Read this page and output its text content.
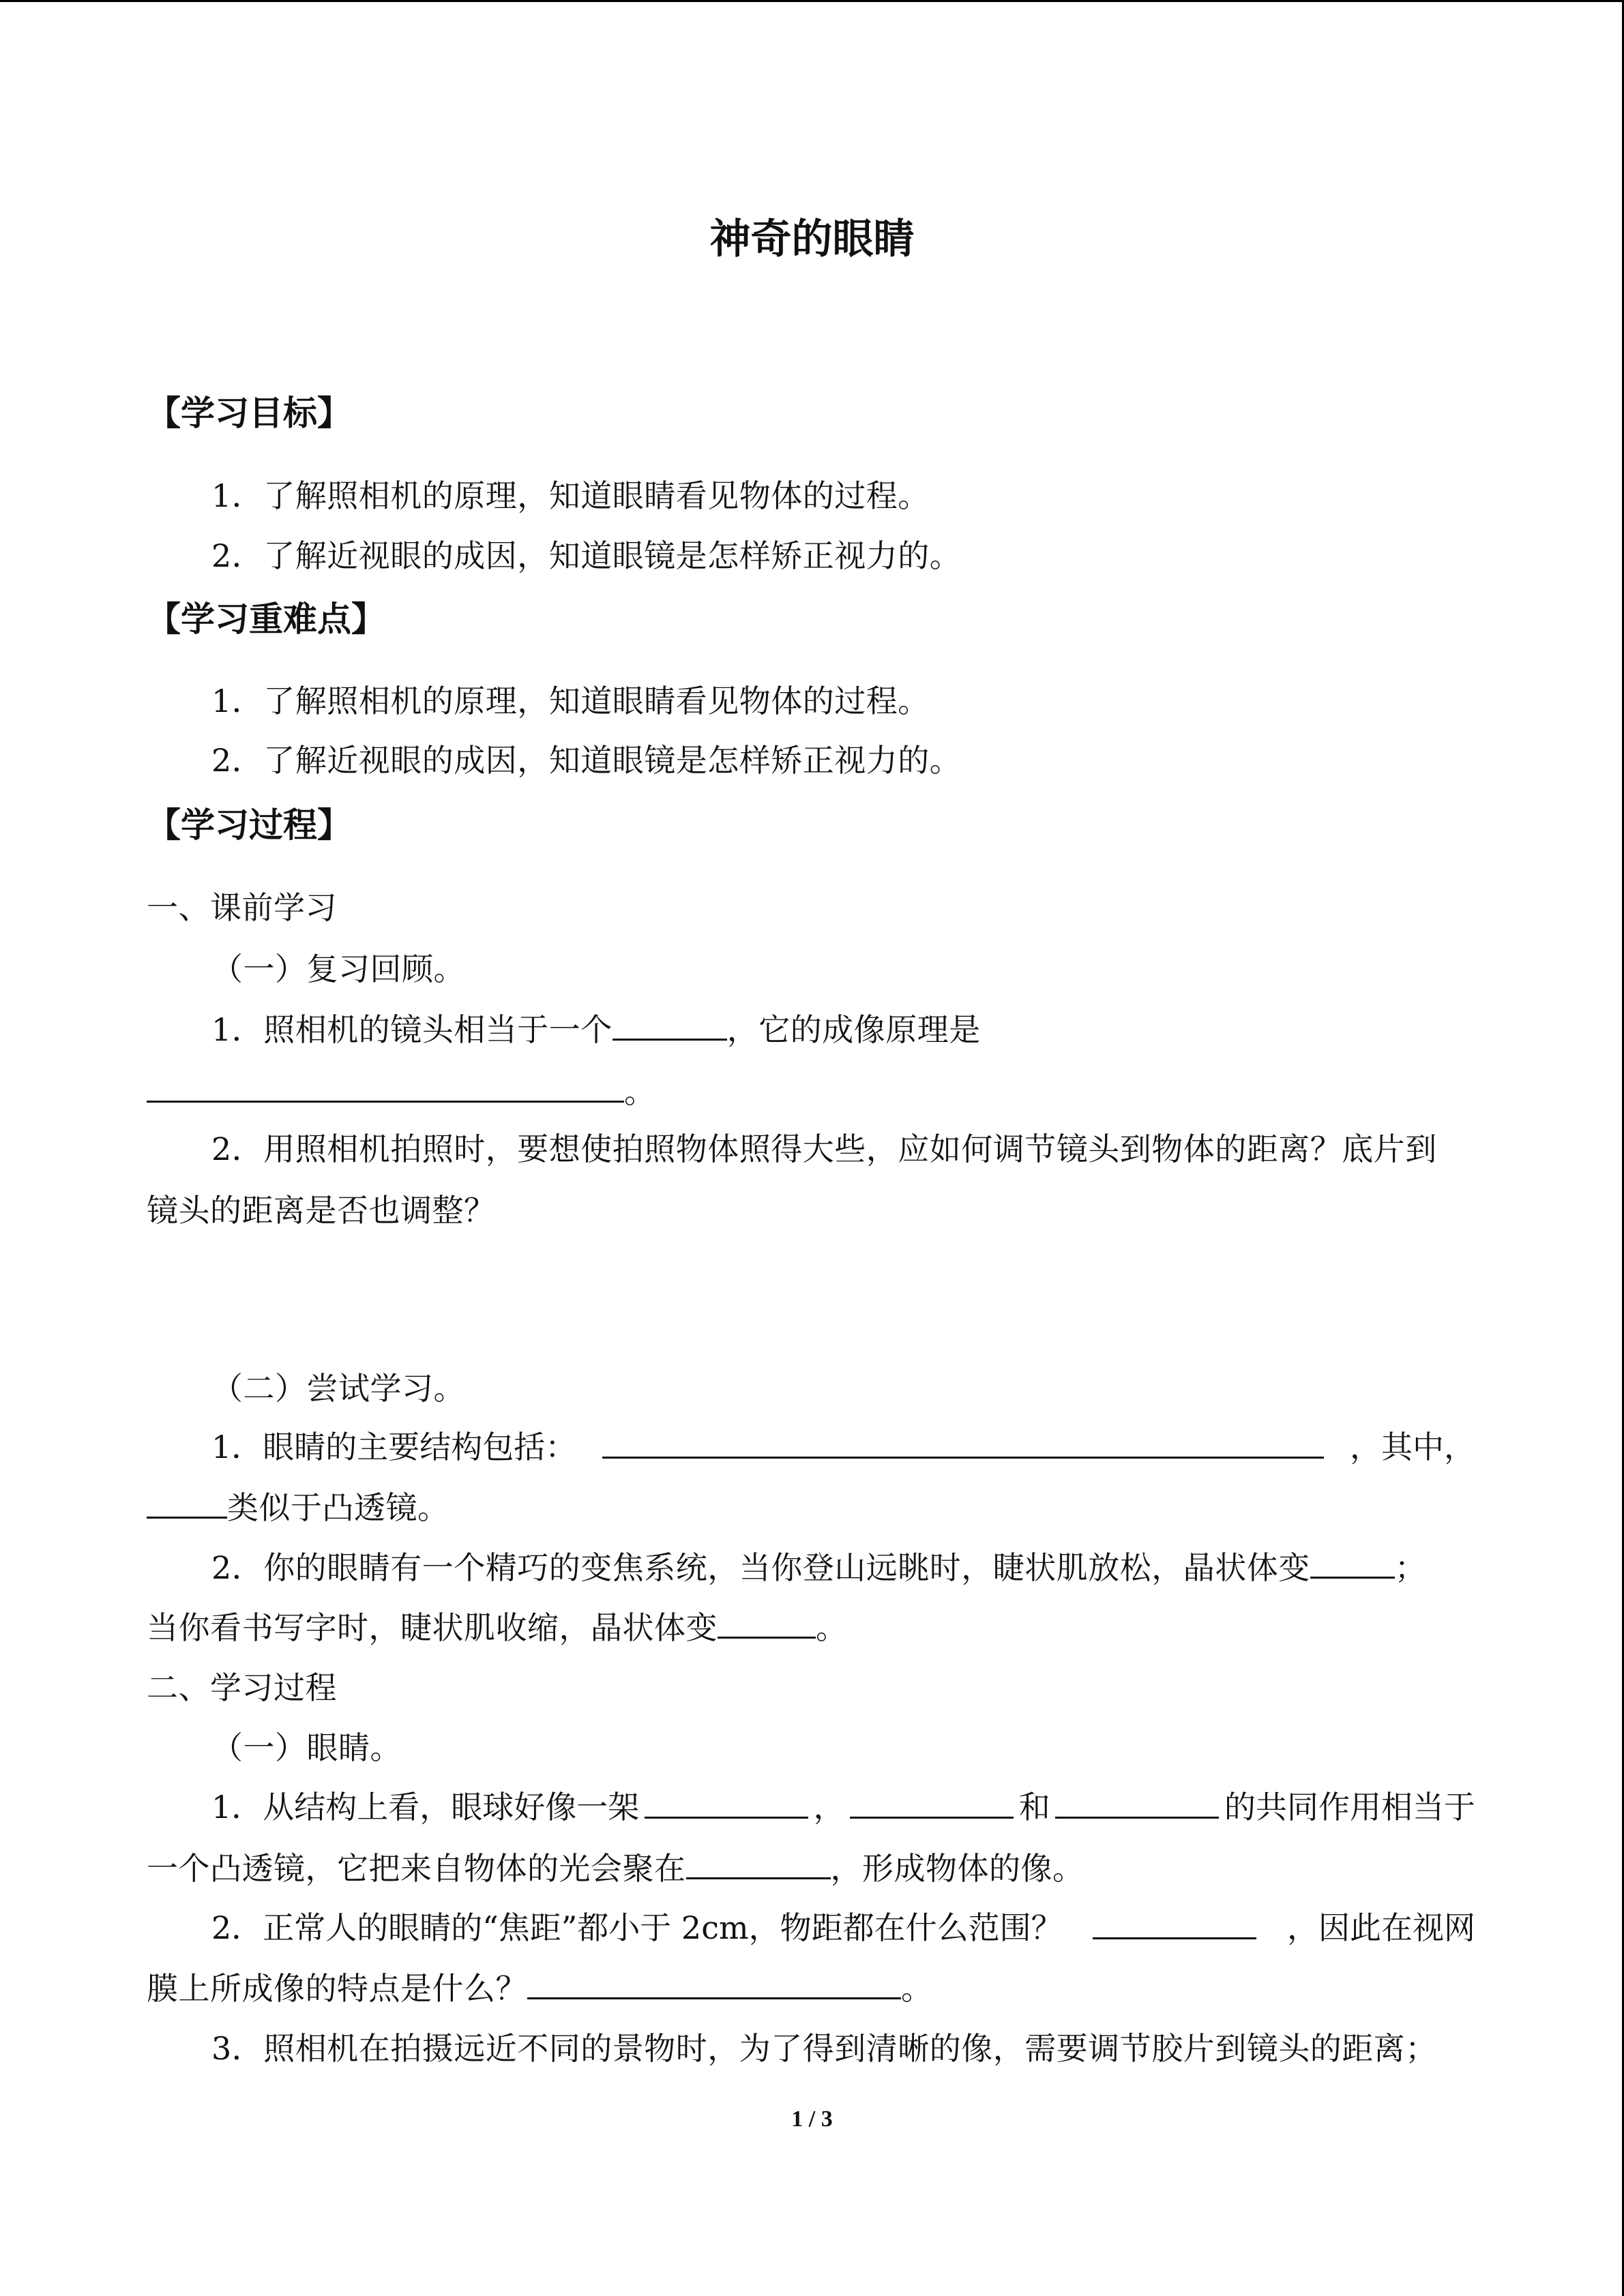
神奇的眼睛
【学习目标】
1．了解照相机的原理，知道眼睛看见物体的过程。
2．了解近视眼的成因，知道眼镜是怎样矫正视力的。
【学习重难点】
1．了解照相机的原理，知道眼睛看见物体的过程。
2．了解近视眼的成因，知道眼镜是怎样矫正视力的。
【学习过程】
一、课前学习
（一）复习回顾。
1．照相机的镜头相当于一个	，它的成像原理是
。
2．用照相机拍照时，要想使拍照物体照得大些，应如何调节镜头到物体的距离？底片到
镜头的距离是否也调整？
（二）尝试学习。
1．眼睛的主要结构包括：	，其中，
类似于凸透镜。
2．你的眼睛有一个精巧的变焦系统，当你登山远眺时，睫状肌放松，晶状体变	；
当你看书写字时，睫状肌收缩，晶状体变	。
二、学习过程
（一）眼睛。
1．从结构上看，眼球好像一架	，	和	的共同作用相当于
一个凸透镜，它把来自物体的光会聚在	，形成物体的像。
2．正常人的眼睛的“焦距”都小于 2cm，物距都在什么范围？	，因此在视网
膜上所成像的特点是什么？	。
3．照相机在拍摄远近不同的景物时，为了得到清晰的像，需要调节胶片到镜头的距离；
1 / 3
